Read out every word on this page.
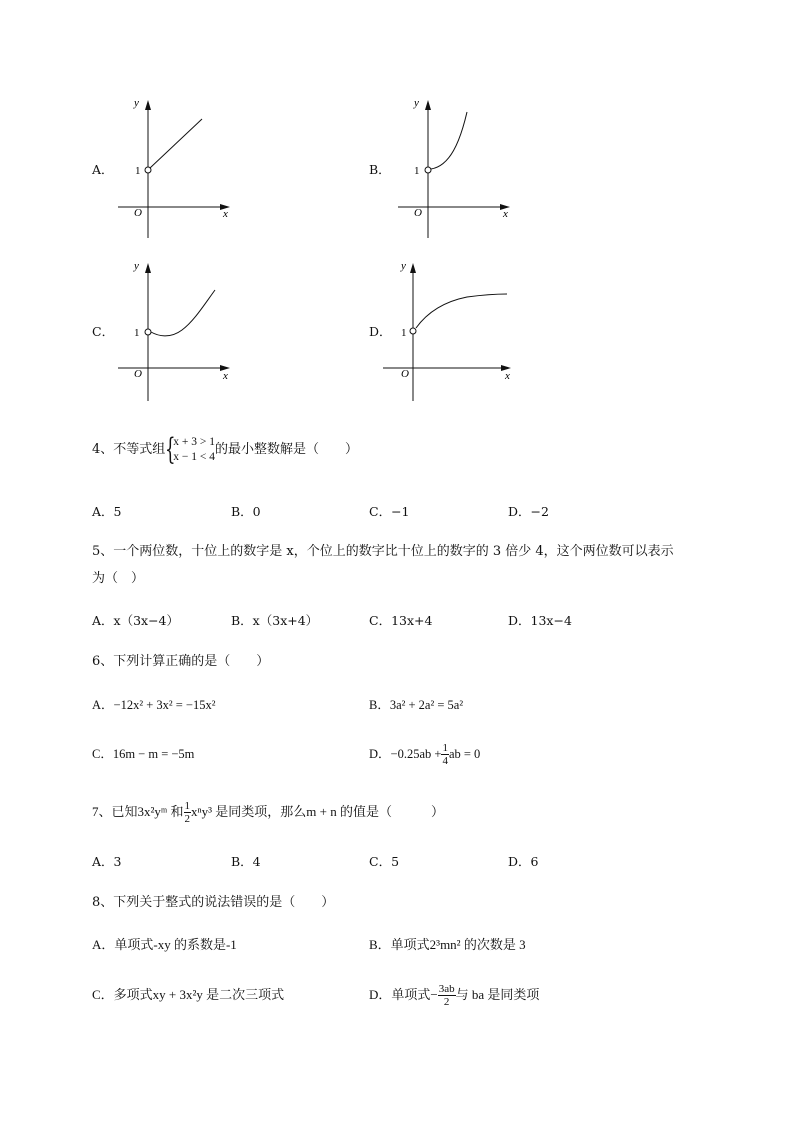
A．
y
x
O
1	B．
y
x
O
1
C．
y
x
O
1	D．
y
x
O
1
4、不等式组 {
x + 3 > 1
x − 1 < 4 的最小整数解是（　　）
A．5	B．0	C．−1	D．−2
5、一个两位数，十位上的数字是 x，个位上的数字比十位上的数字的 3 倍少 4，这个两位数可以表示
为（　）
A．x（3x−4）	B．x（3x+4）	C．13x+4	D．13x−4
6、下列计算正确的是（　　）
A．−12x² + 3x² = −15x²	B．3a² + 2a² = 5a²
C．16m − m = −5m	D．$-0.25ab + \frac{1}{4}$ ab = 0
7、已知3x²yᵐ 和 $\frac{1}{2} x^ny^3$ 是同类项，那么m + n 的值是（　　　）
A．3	B．4	C．5	D．6
8、下列关于整式的说法错误的是（　　）
A．单项式-xy 的系数是-1	B．单项式2³mn² 的次数是 3
C．多项式xy + 3x²y 是二次三项式	D．单项式− $\frac{3ab}{2}$ 与 ba 是同类项
